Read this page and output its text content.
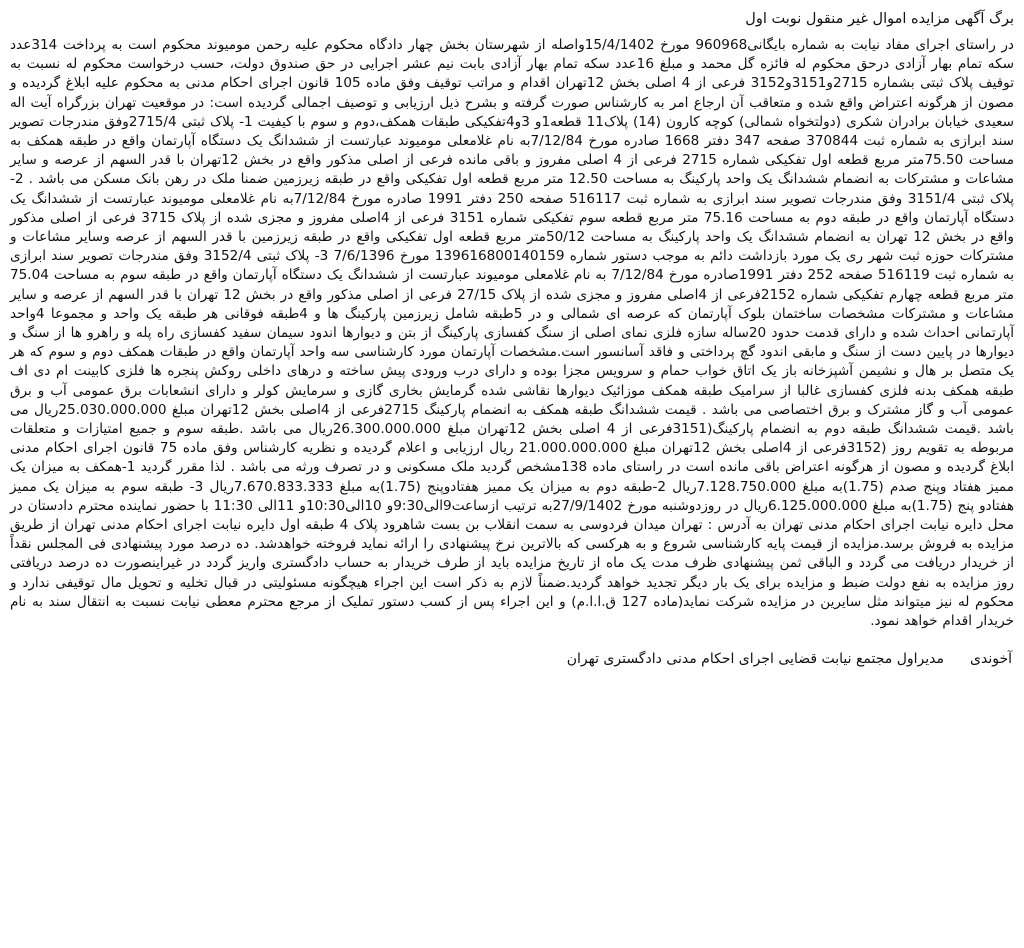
برگ آگهی مزایده اموال غیر منقول نوبت اول

در راستای اجرای مفاد نیابت به شماره بایگانی960968 مورخ 15/4/1402واصله از شهرستان بخش چهار دادگاه محکوم علیه رحمن موميوند محکوم است به پرداخت 314عدد سکه تمام بهار آزادی درحق محکوم له فائزه گل محمد و مبلغ 16عدد سکه تمام بهار آزادی بابت نیم عشر اجرایی در حق صندوق دولت، حسب درخواست محکوم له نسبت به توقیف پلاک ثبتی بشماره 2715و3151و3152 فرعی از 4 اصلی بخش 12تهران اقدام و مراتب توقیف وفق ماده 105 قانون اجرای احکام مدنی به محکوم علیه ابلاغ گردیده و مصون از هرگونه اعتراض واقع شده و متعاقب آن ارجاع امر به کارشناس صورت گرفته و بشرح ذیل ارزیابی و توصیف اجمالی گردیده است: در موقعیت تهران بزرگراه آیت اله سعیدی خیابان برادران شکری (دولتخواه شمالی) کوچه کارون (14) پلاک11 قطعه1و 3و4تفکیکی طبقات همکف،دوم و سوم با کیفیت 1- پلاک ثبتی 2715/4وفق مندرجات تصویر سند ابرازی به شماره ثبت 370844 صفحه 347 دفتر 1668 صادره مورخ 7/12/84به نام غلامعلی موميوند عبارتست از ششدانگ یک دستگاه آپارتمان واقع در طبقه همکف به مساحت 75.50متر مربع قطعه اول تفکیکی شماره 2715 فرعی از 4 اصلی مفروز و باقی مانده فرعی از اصلی مذکور واقع در بخش 12تهران با قدر السهم از عرصه و سایر مشاعات و مشترکات به انضمام ششدانگ یک واحد پارکینگ به مساحت 12.50 متر مربع قطعه اول تفکیکی واقع در طبقه زیرزمین ضمنا ملک در رهن بانک مسکن می باشد . 2-پلاک ثبتی 3151/4 وفق مندرجات تصویر سند ابرازی به شماره ثبت 516117 صفحه 250 دفتر 1991 صادره مورخ 7/12/84به نام غلامعلی موميوند عبارتست از ششدانگ یک دستگاه آپارتمان واقع در طبقه دوم به مساحت 75.16 متر مربع قطعه سوم تفکیکی شماره 3151 فرعی از 4اصلی مفروز و مجزی شده از پلاک 3715 فرعی از اصلی مذکور واقع در بخش 12 تهران به انضمام ششدانگ یک واحد پارکینگ به مساحت 50/12متر مربع قطعه اول تفکیکی واقع در طبقه زیرزمین با قدر السهم از عرصه وسایر مشاعات و مشترکات حوزه ثبت شهر ری یک مورد بازداشت دائم به موجب دستور شماره 139616800140159 مورخ 7/6/1396 3- پلاک ثبتی 3152/4 وفق مندرجات تصویر سند ابرازی به شماره ثبت 516119 صفحه 252 دفتر 1991صادره مورخ 7/12/84 به نام غلامعلی موميوند عبارتست از ششدانگ یک دستگاه آپارتمان واقع در طبقه سوم به مساحت 75.04 متر مربع قطعه چهارم تفکیکی شماره 2152فرعی از 4اصلی مفروز و مجزی شده از پلاک 27/15 فرعی از اصلی مذکور واقع در بخش 12 تهران با قدر السهم از عرصه و سایر مشاعات و مشترکات مشخصات ساختمان بلوک آپارتمان که عرصه ای شمالی و در 5طبقه شامل زیرزمین پارکینگ ها و 4طبقه فوقانی هر طبقه یک واحد و مجموعا 4واحد آپارتمانی احداث شده و دارای قدمت حدود 20ساله سازه فلزی نمای اصلی از سنگ کفسازی پارکینگ از بتن و دیوارها اندود سیمان سفید کفسازی راه پله و راهرو ها از سنگ و دیوارها در پایین دست از سنگ و مابقی اندود گچ پرداختی و فاقد آسانسور است.مشخصات آپارتمان مورد کارشناسی سه واحد آپارتمان واقع در طبقات همکف دوم و سوم که هر یک متصل بر هال و نشیمن آشپزخانه باز یک اتاق خواب حمام و سرویس مجزا بوده و دارای درب ورودی پیش ساخته و درهای داخلی روکش پنجره ها فلزی کابینت ام دی اف طبقه همکف بدنه فلزی کفسازی غالبا از سرامیک طبقه همکف موزائیک دیوارها نقاشی شده گرمایش بخاری گازی و سرمایش کولر و دارای انشعابات برق عمومی آب و برق عمومی آب و گاز مشترک و برق اختصاصی می باشد . قیمت ششدانگ طبقه همکف به انضمام پارکینگ 2715فرعی از 4اصلی بخش 12تهران مبلغ 25.030.000.000ریال می باشد .قیمت ششدانگ طبقه دوم به انضمام پارکینگ(3151فرعی از 4 اصلی بخش 12تهران مبلغ 26.300.000.000ریال می باشد .طبقه سوم و جمیع امتیازات و متعلقات مربوطه به تقویم روز (3152فرعی از 4اصلی بخش 12تهران مبلغ 21.000.000.000 ریال ارزیابی و اعلام گردیده و نظریه کارشناس وفق ماده 75 قانون اجرای احکام مدنی ابلاغ گردیده و مصون از هرگونه اعتراض باقی مانده است در راستای ماده 138مشخص گردید ملک مسکونی و در تصرف ورثه می باشد . لذا مقرر گردید 1-همکف به میزان یک ممیز هفتاد وپنج صدم (1.75)به مبلغ 7.128.750.000ریال 2-طبقه دوم به میزان یک ممیز هفتادوپنج (1.75)به مبلغ 7.670.833.333ریال 3- طبقه سوم به میزان یک ممیز هفتادو پنج (1.75)به مبلغ 6.125.000.000ریال در روزدوشنبه مورخ 27/9/1402به ترتیب ازساعت9الی9:30و 10الی10:30و 11الی 11:30 با حضور نماینده محترم دادستان در محل دایره نیابت اجرای احکام مدنی تهران به آدرس : تهران میدان فردوسی به سمت انقلاب بن بست شاهرود پلاک 4 طبقه اول دایره نیابت اجرای احکام مدنی تهران از طریق مزایده به فروش برسد.مزایده از قیمت پایه کارشناسی شروع و به هرکسی که بالاترین نرخ پیشنهادی را ارائه نماید فروخته خواهدشد. ده درصد مورد پیشنهادی فی المجلس نقداً از خریدار دریافت می گردد و الباقی ثمن پیشنهادی ظرف مدت یک ماه از تاریخ مزایده باید از طرف خریدار به حساب دادگستری واریز گردد در غیراینصورت ده درصد دریافتی روز مزایده به نفع دولت ضبط و مزایده برای یک بار دیگر تجدید خواهد گردید.ضمناً لازم به ذکر است این اجراء هیچگونه مسئولیتی در قبال تخلیه و تحویل مال توقیفی ندارد و محکوم له نیز میتواند مثل سایرین در مزایده شرکت نماید(ماده 127 ق.ا.ا.م) و این اجراء پس از کسب دستور تملیک از مرجع محترم معطی نیابت نسبت به انتقال سند به نام خریدار اقدام خواهد نمود.

آخوندیمدیراول مجتمع نیابت قضایی اجرای احکام مدنی دادگستری تهران
